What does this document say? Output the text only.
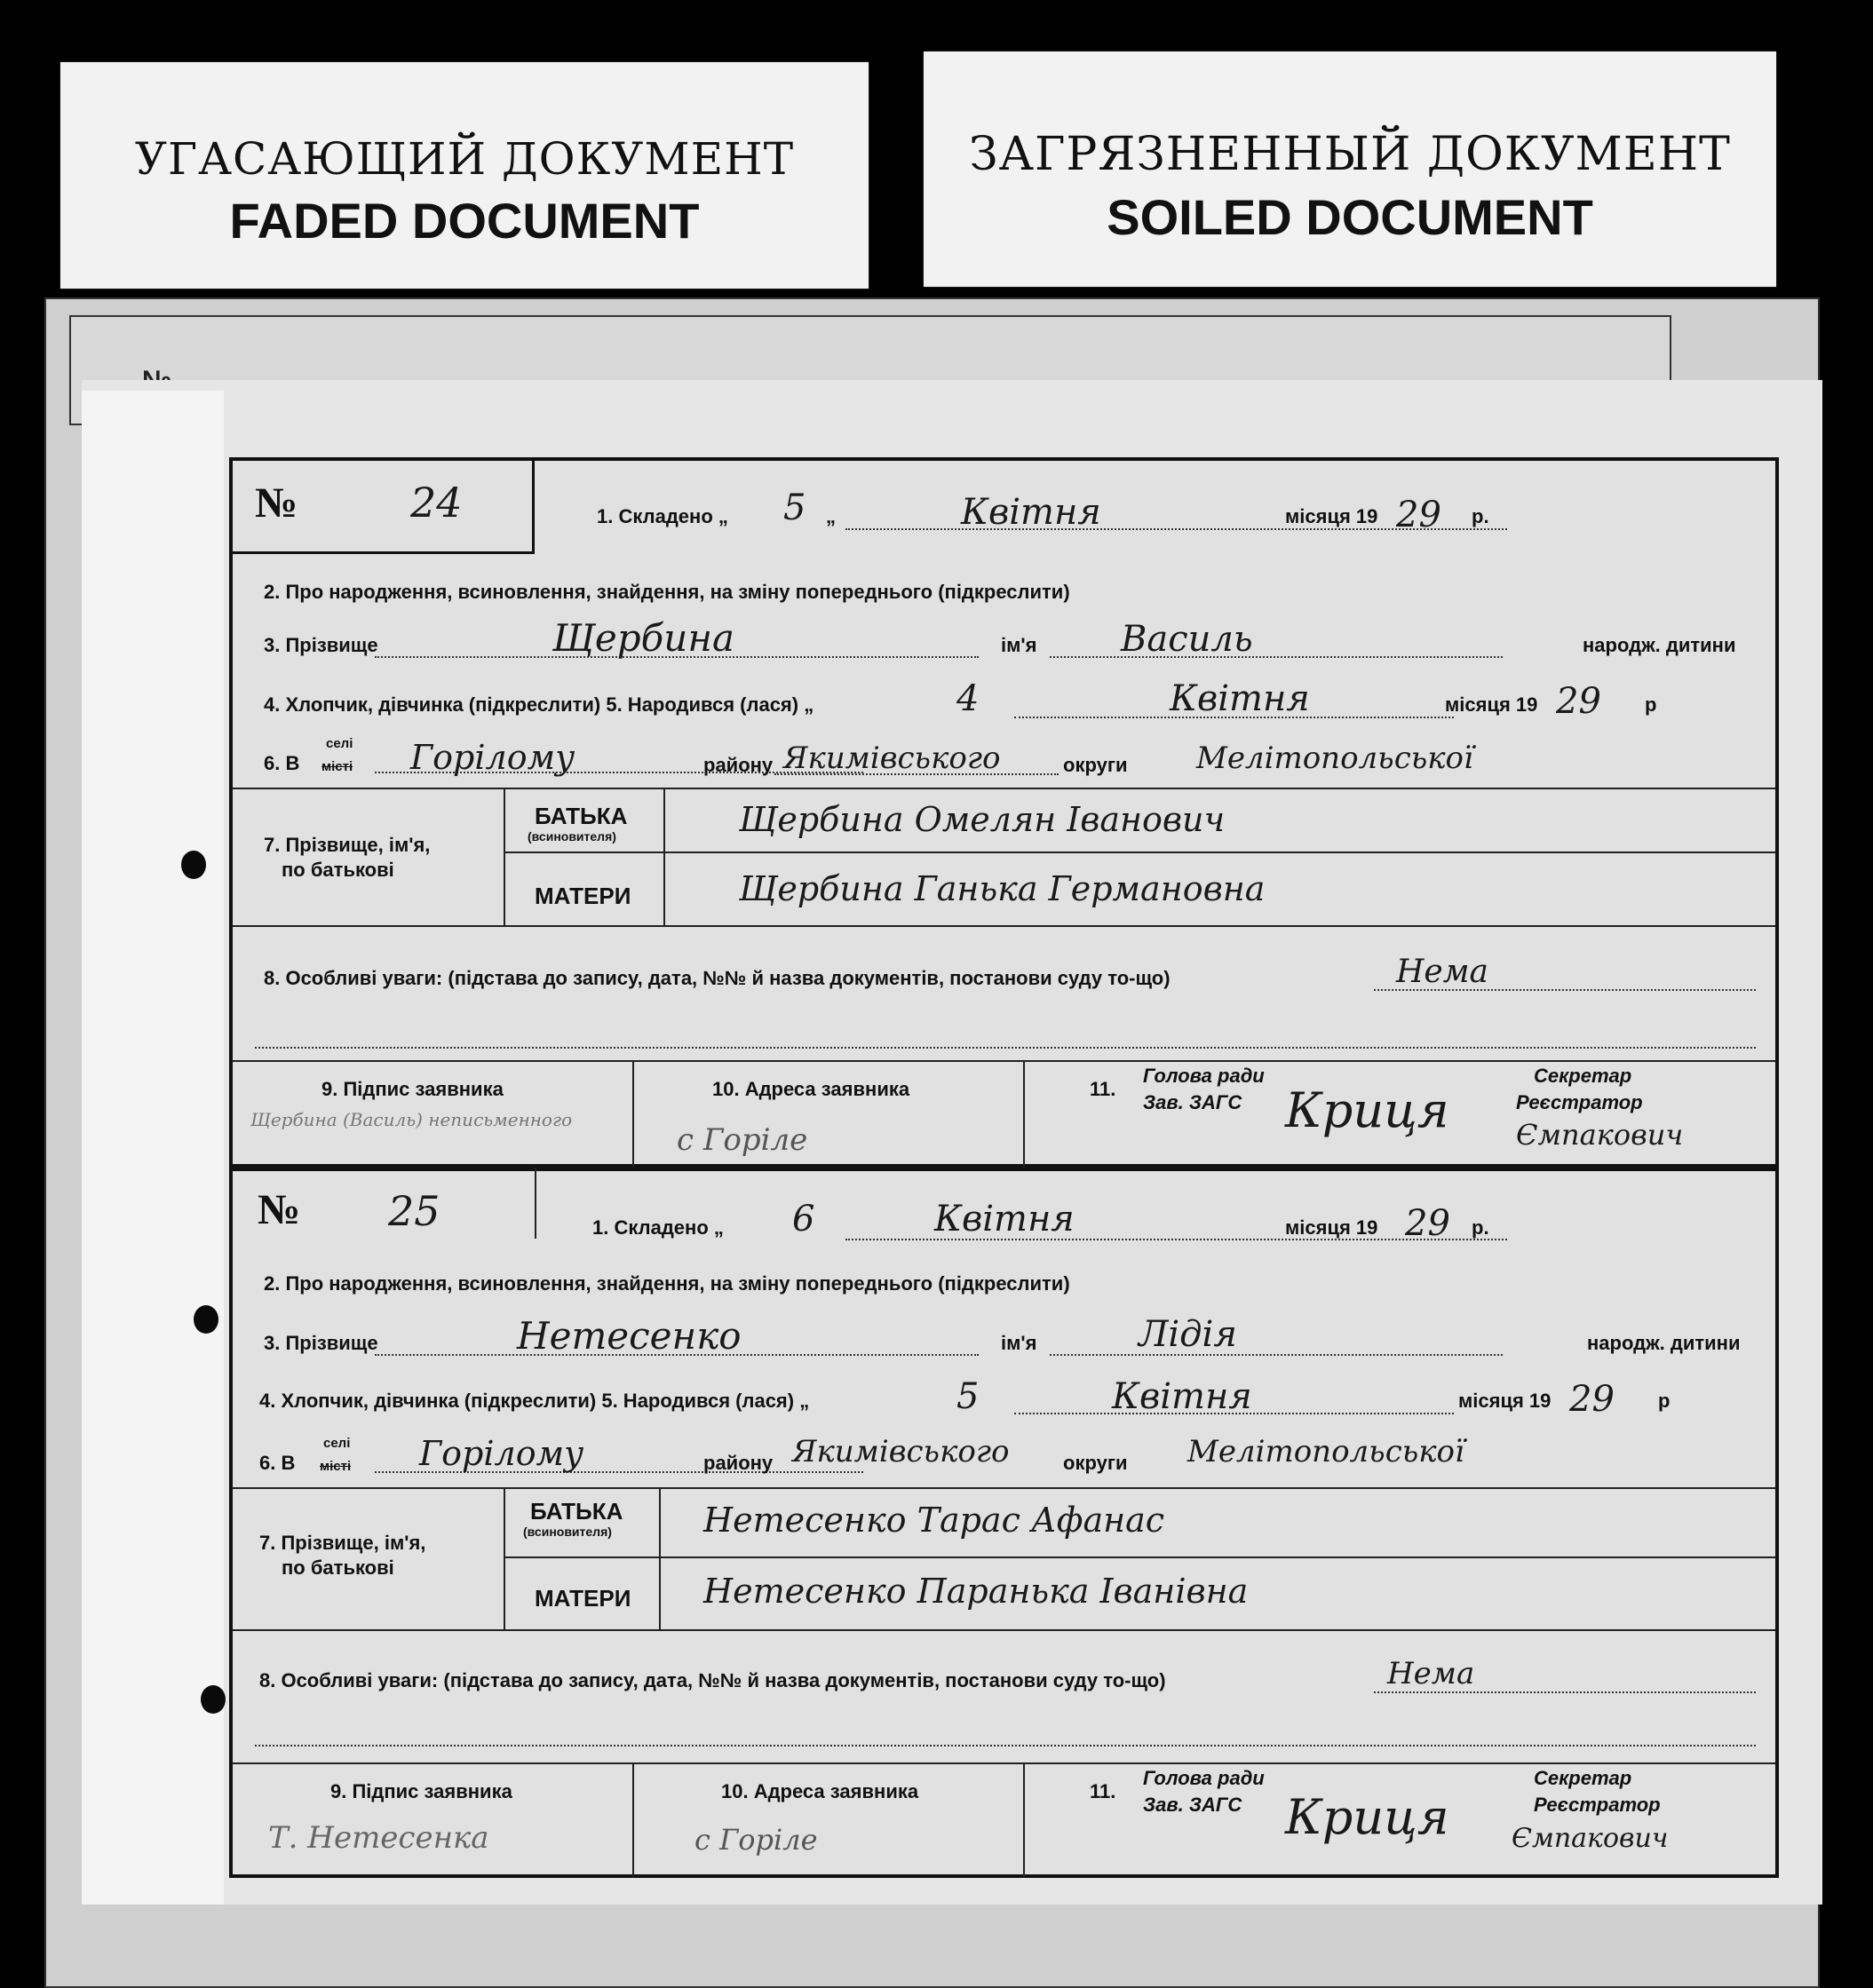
УГАСАЮЩИЙ ДОКУМЕНТ
FADED DOCUMENT
ЗАГРЯЗНЕННЫЙ ДОКУМЕНТ
SOILED DOCUMENT
№	24	1. Складено „ 5 „	Квітня	місяця 19 29 р.
2. Про народження, всиновлення, знайдення, на зміну попереднього (підкреслити)
3. Прізвище	Щербина	ім'я Василь	народж. дитини
4. Хлопчик, дівчинка (підкреслити) 5. Народився (лася) „	4	Квітня	місяця 19 29 р
6. В
селі
місті Горілому	району Якимівського	округи Мелітопольської
7. Прізвище, ім'я,
по батькові
БАТЬКА
(всиновителя)	Щербина Омелян Іванович
МАТЕРИ	Щербина Ганька Германовна
8. Особливі уваги: (підстава до запису, дата, №№ й назва документів, постанови суду то-що)	Нема
9. Підпис заявника
Щербина (Василь) неписьменного
10. Адреса заявника
с Горіле
11.
Голова ради
Зав. ЗАГС Криця
Секретар
Реєстратор
Ємпакович
№ 25	1. Складено „ 6	Квітня	місяця 19 29 р.
2. Про народження, всиновлення, знайдення, на зміну попереднього (підкреслити)
3. Прізвище	Нетесенко	ім'я	Лідія	народж. дитини
4. Хлопчик, дівчинка (підкреслити) 5. Народився (лася) „	5	Квітня	місяця 19 29 р
6. В
селі
місті Горілому	району Якимівського	округи Мелітопольської
7. Прізвище, ім'я,
по батькові
БАТЬКА
(всиновителя)	Нетесенко Тарас Афанас
МАТЕРИ Нетесенко Паранька Іванівна
8. Особливі уваги: (підстава до запису, дата, №№ й назва документів, постанови суду то-що)	Нема
9. Підпис заявника
Т. Нетесенка
10. Адреса заявника
с Горіле
11.
Голова ради
Зав. ЗАГС Криця
Секретар
Реєстратор
Ємпакович
